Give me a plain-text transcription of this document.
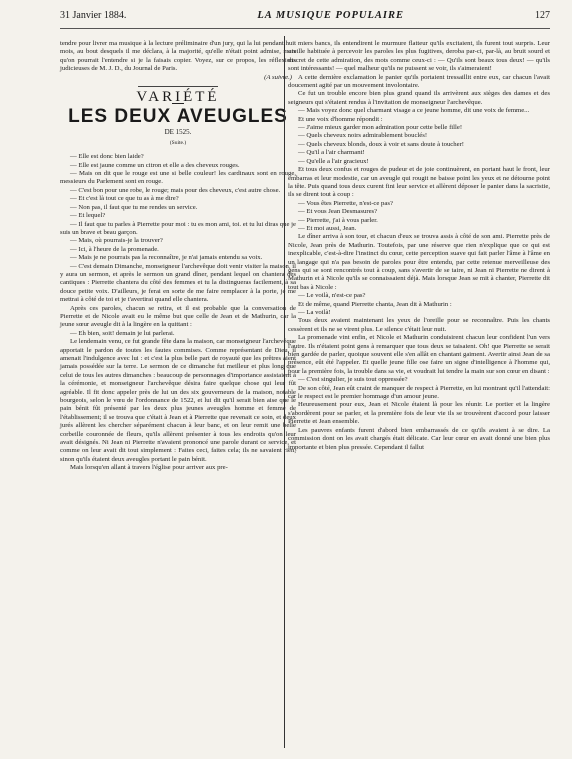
31 Janvier 1884.	LA MUSIQUE POPULAIRE	127

tendre pour livrer ma musique à la lecture préliminaire d'un jury, qui la lui pendant huit mois, au bout desquels il me déclara, à la majorité, qu'elle n'était point admise, mais qu'on pourrait l'entendre si je la faisais copier. Voyez, sur ce propos, les réflexions judicieuses de M. J. D., du Journal de Paris.

(A suivre.)
VARIÉTÉ
LES DEUX AVEUGLES
DE 1525.
(Suite.)

— Elle est donc bien laide?

— Elle est jaune comme un citron et elle a des cheveux rouges.

— Mais on dit que le rouge est une si belle couleur! les cardinaux sont en rouge, messieurs du Parlement sont en rouge.

— C'est bon pour une robe, le rouge; mais pour des cheveux, c'est autre chose.

— Et c'est là tout ce que tu as à me dire?

— Non pas, il faut que tu me rendes un service.

— Et lequel?

— Il faut que tu parles à Pierrette pour moi : tu es mon ami, toi. et tu lui diras que je suis un brave et beau garçon.

— Mais, où pourrais-je la trouver?

— Ici, à l'heure de la promenade.

— Mais je ne pourrais pas la reconnaître, je n'ai jamais entendu sa voix.

— C'est demain Dimanche, monseigneur l'archevêque doit venir visiter la maison, il y aura un sermon, et après le sermon un grand dîner, pendant lequel on chantera des cantiques : Pierrette chantera du côté des femmes et tu la distingueras facilement, à sa douce petite voix. D'ailleurs, je ferai en sorte de me faire remplacer à la porte, je me mettrai à côté de toi et je t'avertirai quand elle chantera.

Après ces paroles, chacun se retira, et il est probable que la conversation de Pierrette et de Nicole avait eu le même but que celle de Jean et de Mathurin, car la jeune sœur aveugle dit à la lingère en la quittant :

— Eh bien, soit! demain je lui parlerai.

Le lendemain venu, ce fut grande fête dans la maison, car monseigneur l'archevêque apportait le pardon de toutes les fautes commises. Comme représentant de Dieu, il amenait l'indulgence avec lui : et c'est la plus belle part de royauté que les prêtres aient jamais possédée sur la terre. Le sermon de ce dimanche fut meilleur et plus long que celui de tous les autres dimanches : beaucoup de personnages d'importance assistaient à la cérémonie, et monseigneur l'archevêque désira faire quelque chose qui leur fût agréable. Il fit donc appeler près de lui un des six gouverneurs de la maison, notable bourgeois, selon le vœu de l'ordonnance de 1522, et lui dit qu'il serait bien aise que le pain bénit fût présenté par les deux plus jeunes aveugles homme et femme de l'établissement; il se trouva que c'était à Jean et à Pierrette que revenait ce soin, et deux jurés allèrent les chercher séparément chacun à leur banc, et on leur remit une belle corbeille couronnée de fleurs, qu'ils allèrent présenter à tous les endroits qu'on leur avait désignés. Ni Jean ni Pierrette n'avaient prononcé une parole durant ce service, et comme on leur avait dit tout simplement : Faites ceci, faites cela; ils ne savaient rien, sinon qu'ils étaient deux aveugles portant le pain bénit.

Mais lorsqu'en allant à travers l'église pour arriver aux pre-

miers bancs, ils entendirent le murmure flatteur qu'ils excitaient, ils furent tout surpris. Leur oreille habituée à percevoir les paroles les plus fugitives, deroba par-ci, par-là, au bruit sourd et discret de cette admiration, des mots comme ceux-ci : — Qu'ils sont beaux tous deux! — qu'ils sont intéressants! — quel malheur qu'ils ne puissent se voir, ils s'aimeraient!

A cette dernière exclamation le panier qu'ils portaient tressaillit entre eux, car chacun l'avait doucement agité par un mouvement involontaire.

Ce fut un trouble encore bien plus grand quand ils arrivèrent aux sièges des dames et des seigneurs qui s'étaient rendus à l'invitation de monseigneur l'archevêque.

— Mais voyez donc quel charmant visage a ce jeune homme, dit une voix de femme...

Et une voix d'homme répondit :

— J'aime mieux garder mon admiration pour cette belle fille!

— Quels cheveux noirs admirablement bouclés!

— Quels cheveux blonds, doux à voir et sans doute à toucher!

— Qu'il a l'air charmant!

— Qu'elle a l'air gracieux!

Et tous deux confus et rouges de pudeur et de joie continuèrent, en portant haut le front, leur embarras et leur modestie, car un aveugle qui rougit ne baisse point les yeux et ne détourne point la tête. Puis quand tous deux curent fini leur service et allèrent déposer le panier dans la sacristie, ils se dirent tout à coup :

— Vous êtes Pierrette, n'est-ce pas?

— Et vous Jean Desmasures?

— Pierrette, j'ai à vous parler.

— Et moi aussi, Jean.

Le dîner arriva à son tour, et chacun d'eux se trouva assis à côté de son ami. Pierrette près de Nicole, Jean près de Mathurin. Toutefois, par une réserve que rien n'explique que ce qui est inexplicable, c'est-à-dire l'instinct du cœur, cette perception suave qui fait parler l'âme à l'âme en un langage qui n'a pas besoin de paroles pour être entendu, par cette retenue merveilleuse des gens qui se sont rencontrés tout à coup, sans s'avertir de se taire, ni Jean ni Pierrette ne dirent à Mathurin et à Nicole qu'ils se connaissaient déjà. Mais lorsque Jean se mit à chanter, Pierrette dit tout bas à Nicole :

— Le voilà, n'est-ce pas?

Et de même, quand Pierrette chanta, Jean dit à Mathurin :

— La voilà!

Tous deux avaient maintenant les yeux de l'oreille pour se reconnaître. Puis les chants cessèrent et ils ne se virent plus. Le silence c'était leur nuit.

La promenade vint enfin, et Nicole et Mathurin conduisirent chacun leur confident l'un vers l'autre. Ils n'étaient point gens à remarquer que tous deux se taisaient. Oh! que Pierrette se serait bien gardée de parler, quoique souvent elle s'en allât en chantant gaiment. Avertir ainsi Jean de sa présence, eût été l'appeler. Et quelle jeune fille ose faire un signe d'intelligence à l'homme qui, pour la première fois, la trouble dans sa vie, et voudrait lui tendre la main sur son cœur en disant :

— C'est singulier, je suis tout oppressée?

De son côté, Jean eût craint de manquer de respect à Pierrette, en lui montrant qu'il l'attendait: car le respect est le premier hommage d'un amour jeune.

Heureusement pour eux, Jean et Nicole étaient là pour les réunir. Le portier et la lingère s'abordèrent pour se parler, et la première fois de leur vie ils se trouvèrent d'accord pour laisser Pierrette et Jean ensemble.

Les pauvres enfants furent d'abord bien embarrassés de ce qu'ils avaient à se dire. La commission dont on les avait chargés était délicate. Car leur cœur en avait donné une bien plus importante et bien plus pressée. Cependant il fallut
